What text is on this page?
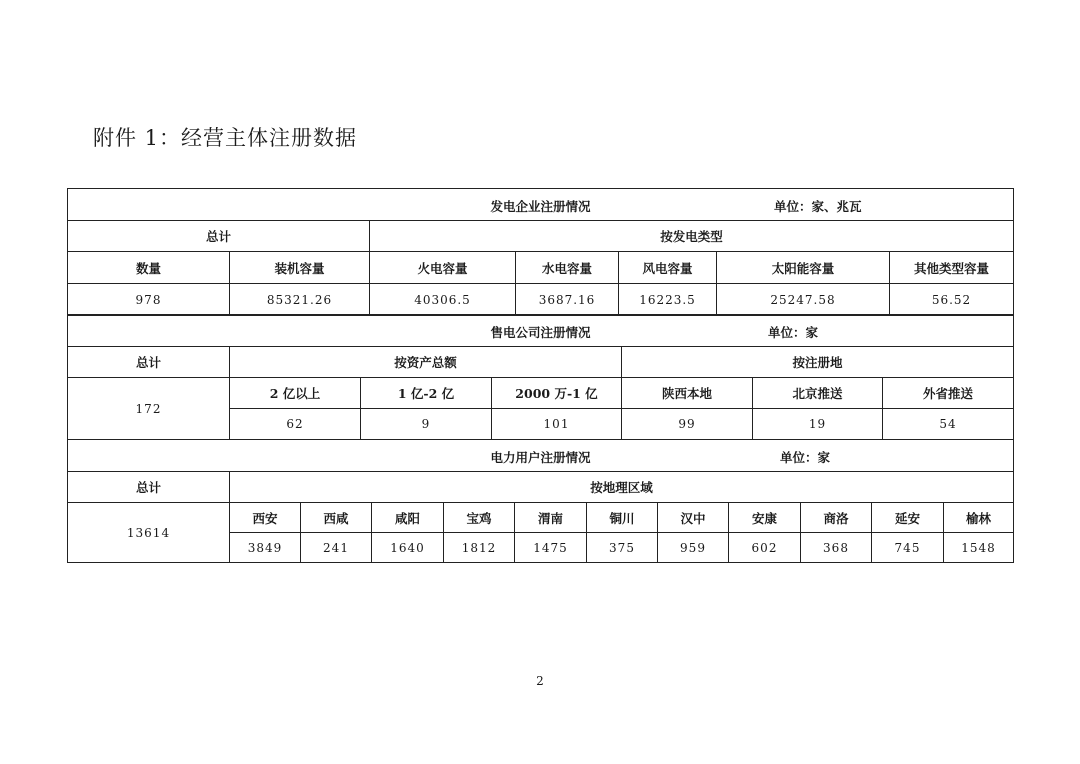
附件 1：经营主体注册数据
发电企业注册情况 单位：家、兆瓦						

总计		按发电类型				
数量	装机容量	火电容量	水电容量	风电容量	太阳能容量	其他类型容量
978	85321.26	40306.5	3687.16	16223.5	25247.58	56.52
售电公司注册情况 单位：家						

总计	按资产总额			按注册地		
172	2 亿以上	1 亿-2 亿	2000 万-1 亿	陕西本地	北京推送	外省推送
	62	9	101	99	19	54
电力用户注册情况 单位：家											

总计	按地理区域										
13614	西安	西咸	咸阳	宝鸡	渭南	铜川	汉中	安康	商洛	延安	榆林
	3849	241	1640	1812	1475	375	959	602	368	745	1548
2
